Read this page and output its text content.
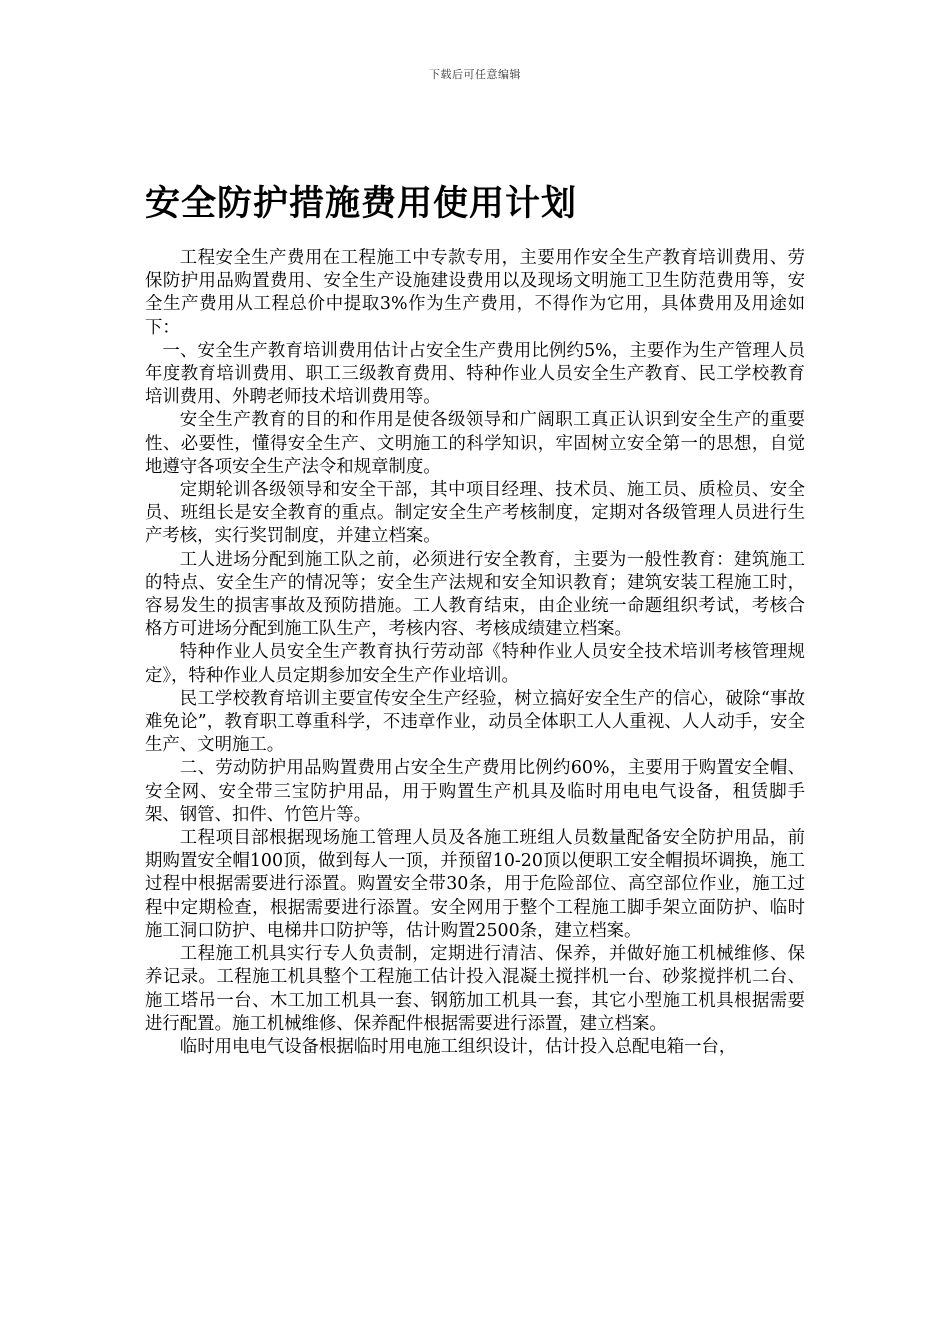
下载后可任意编辑
安全防护措施费用使用计划

工程安全生产费用在工程施工中专款专用，主要用作安全生产教育培训费用、劳保防护用品购置费用、安全生产设施建设费用以及现场文明施工卫生防范费用等，安全生产费用从工程总价中提取3%作为生产费用，不得作为它用，具体费用及用途如下：

一、安全生产教育培训费用估计占安全生产费用比例约5%，主要作为生产管理人员年度教育培训费用、职工三级教育费用、特种作业人员安全生产教育、民工学校教育培训费用、外聘老师技术培训费用等。

安全生产教育的目的和作用是使各级领导和广阔职工真正认识到安全生产的重要性、必要性，懂得安全生产、文明施工的科学知识，牢固树立安全第一的思想，自觉地遵守各项安全生产法令和规章制度。

定期轮训各级领导和安全干部，其中项目经理、技术员、施工员、质检员、安全员、班组长是安全教育的重点。制定安全生产考核制度，定期对各级管理人员进行生产考核，实行奖罚制度，并建立档案。

工人进场分配到施工队之前，必须进行安全教育，主要为一般性教育：建筑施工的特点、安全生产的情况等；安全生产法规和安全知识教育；建筑安装工程施工时，容易发生的损害事故及预防措施。工人教育结束，由企业统一命题组织考试，考核合格方可进场分配到施工队生产，考核内容、考核成绩建立档案。

特种作业人员安全生产教育执行劳动部《特种作业人员安全技术培训考核管理规定》，特种作业人员定期参加安全生产作业培训。

民工学校教育培训主要宣传安全生产经验，树立搞好安全生产的信心，破除“事故难免论”，教育职工尊重科学，不违章作业，动员全体职工人人重视、人人动手，安全生产、文明施工。

二、劳动防护用品购置费用占安全生产费用比例约60%，主要用于购置安全帽、安全网、安全带三宝防护用品，用于购置生产机具及临时用电电气设备，租赁脚手架、钢管、扣件、竹笆片等。

工程项目部根据现场施工管理人员及各施工班组人员数量配备安全防护用品，前期购置安全帽100顶，做到每人一顶，并预留10-20顶以便职工安全帽损坏调换，施工过程中根据需要进行添置。购置安全带30条，用于危险部位、高空部位作业，施工过程中定期检查，根据需要进行添置。安全网用于整个工程施工脚手架立面防护、临时施工洞口防护、电梯井口防护等，估计购置2500条，建立档案。

工程施工机具实行专人负责制，定期进行清洁、保养，并做好施工机械维修、保养记录。工程施工机具整个工程施工估计投入混凝土搅拌机一台、砂浆搅拌机二台、施工塔吊一台、木工加工机具一套、钢筋加工机具一套，其它小型施工机具根据需要进行配置。施工机械维修、保养配件根据需要进行添置，建立档案。

临时用电电气设备根据临时用电施工组织设计，估计投入总配电箱一台，
